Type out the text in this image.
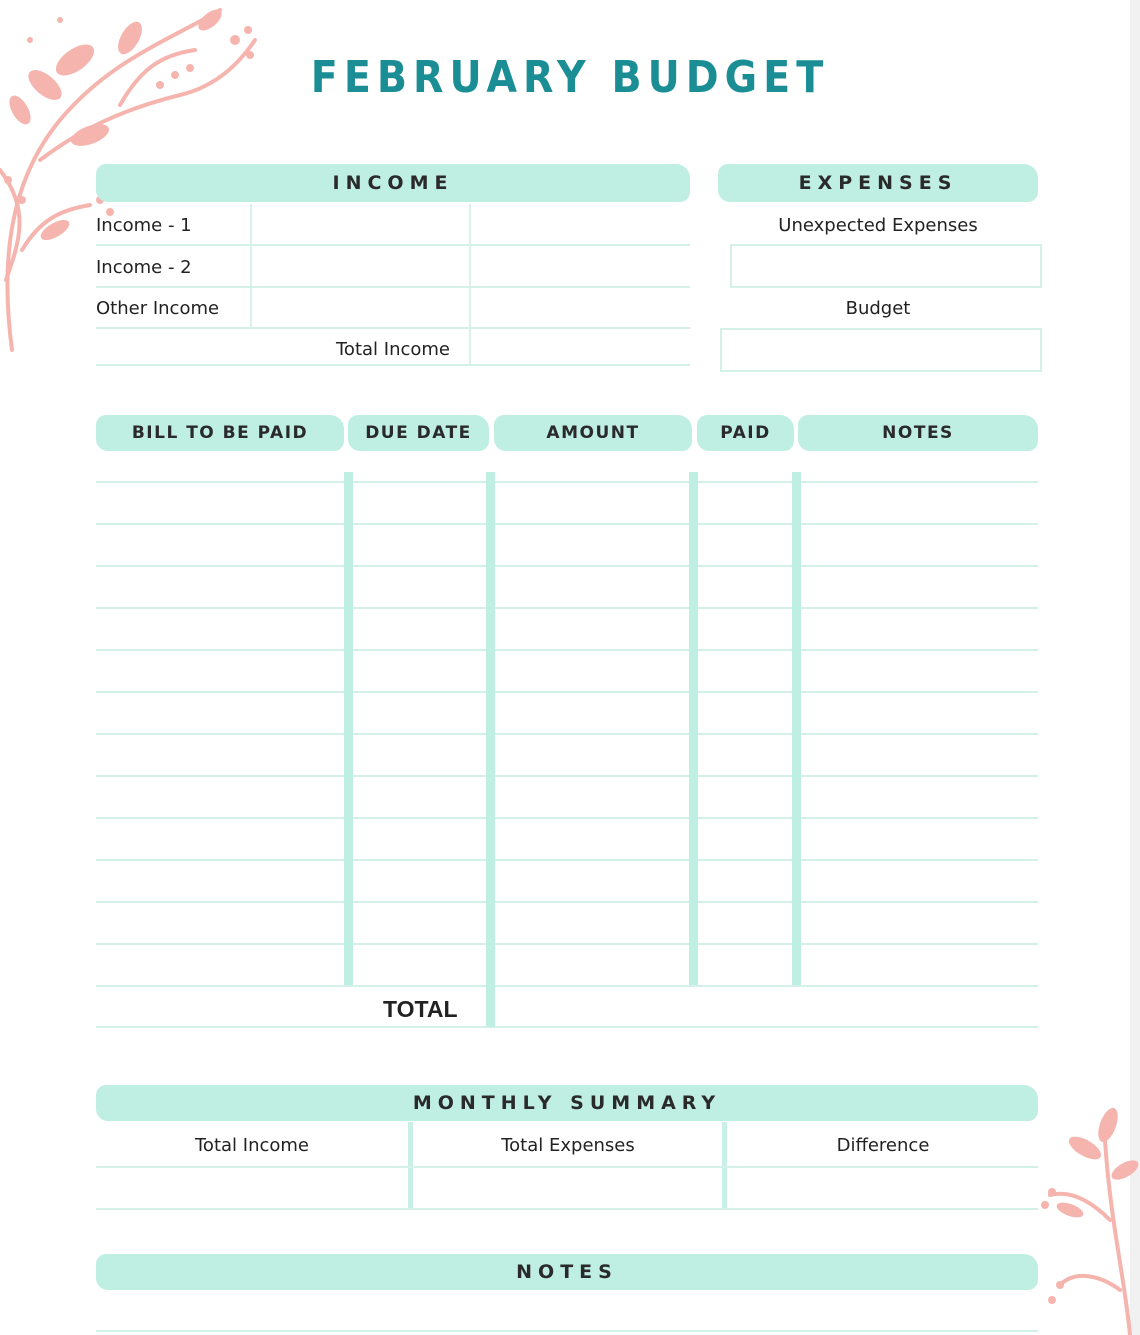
FEBRUARY BUDGET
INCOME	EXPENSES
Income - 1
Income - 2
Other Income
Total Income
Unexpected Expenses
Budget
BILL TO BE PAID	DUE DATE	AMOUNT	PAID	NOTES
TOTAL
MONTHLY SUMMARY
Total Income	Total Expenses	Difference
NOTES
